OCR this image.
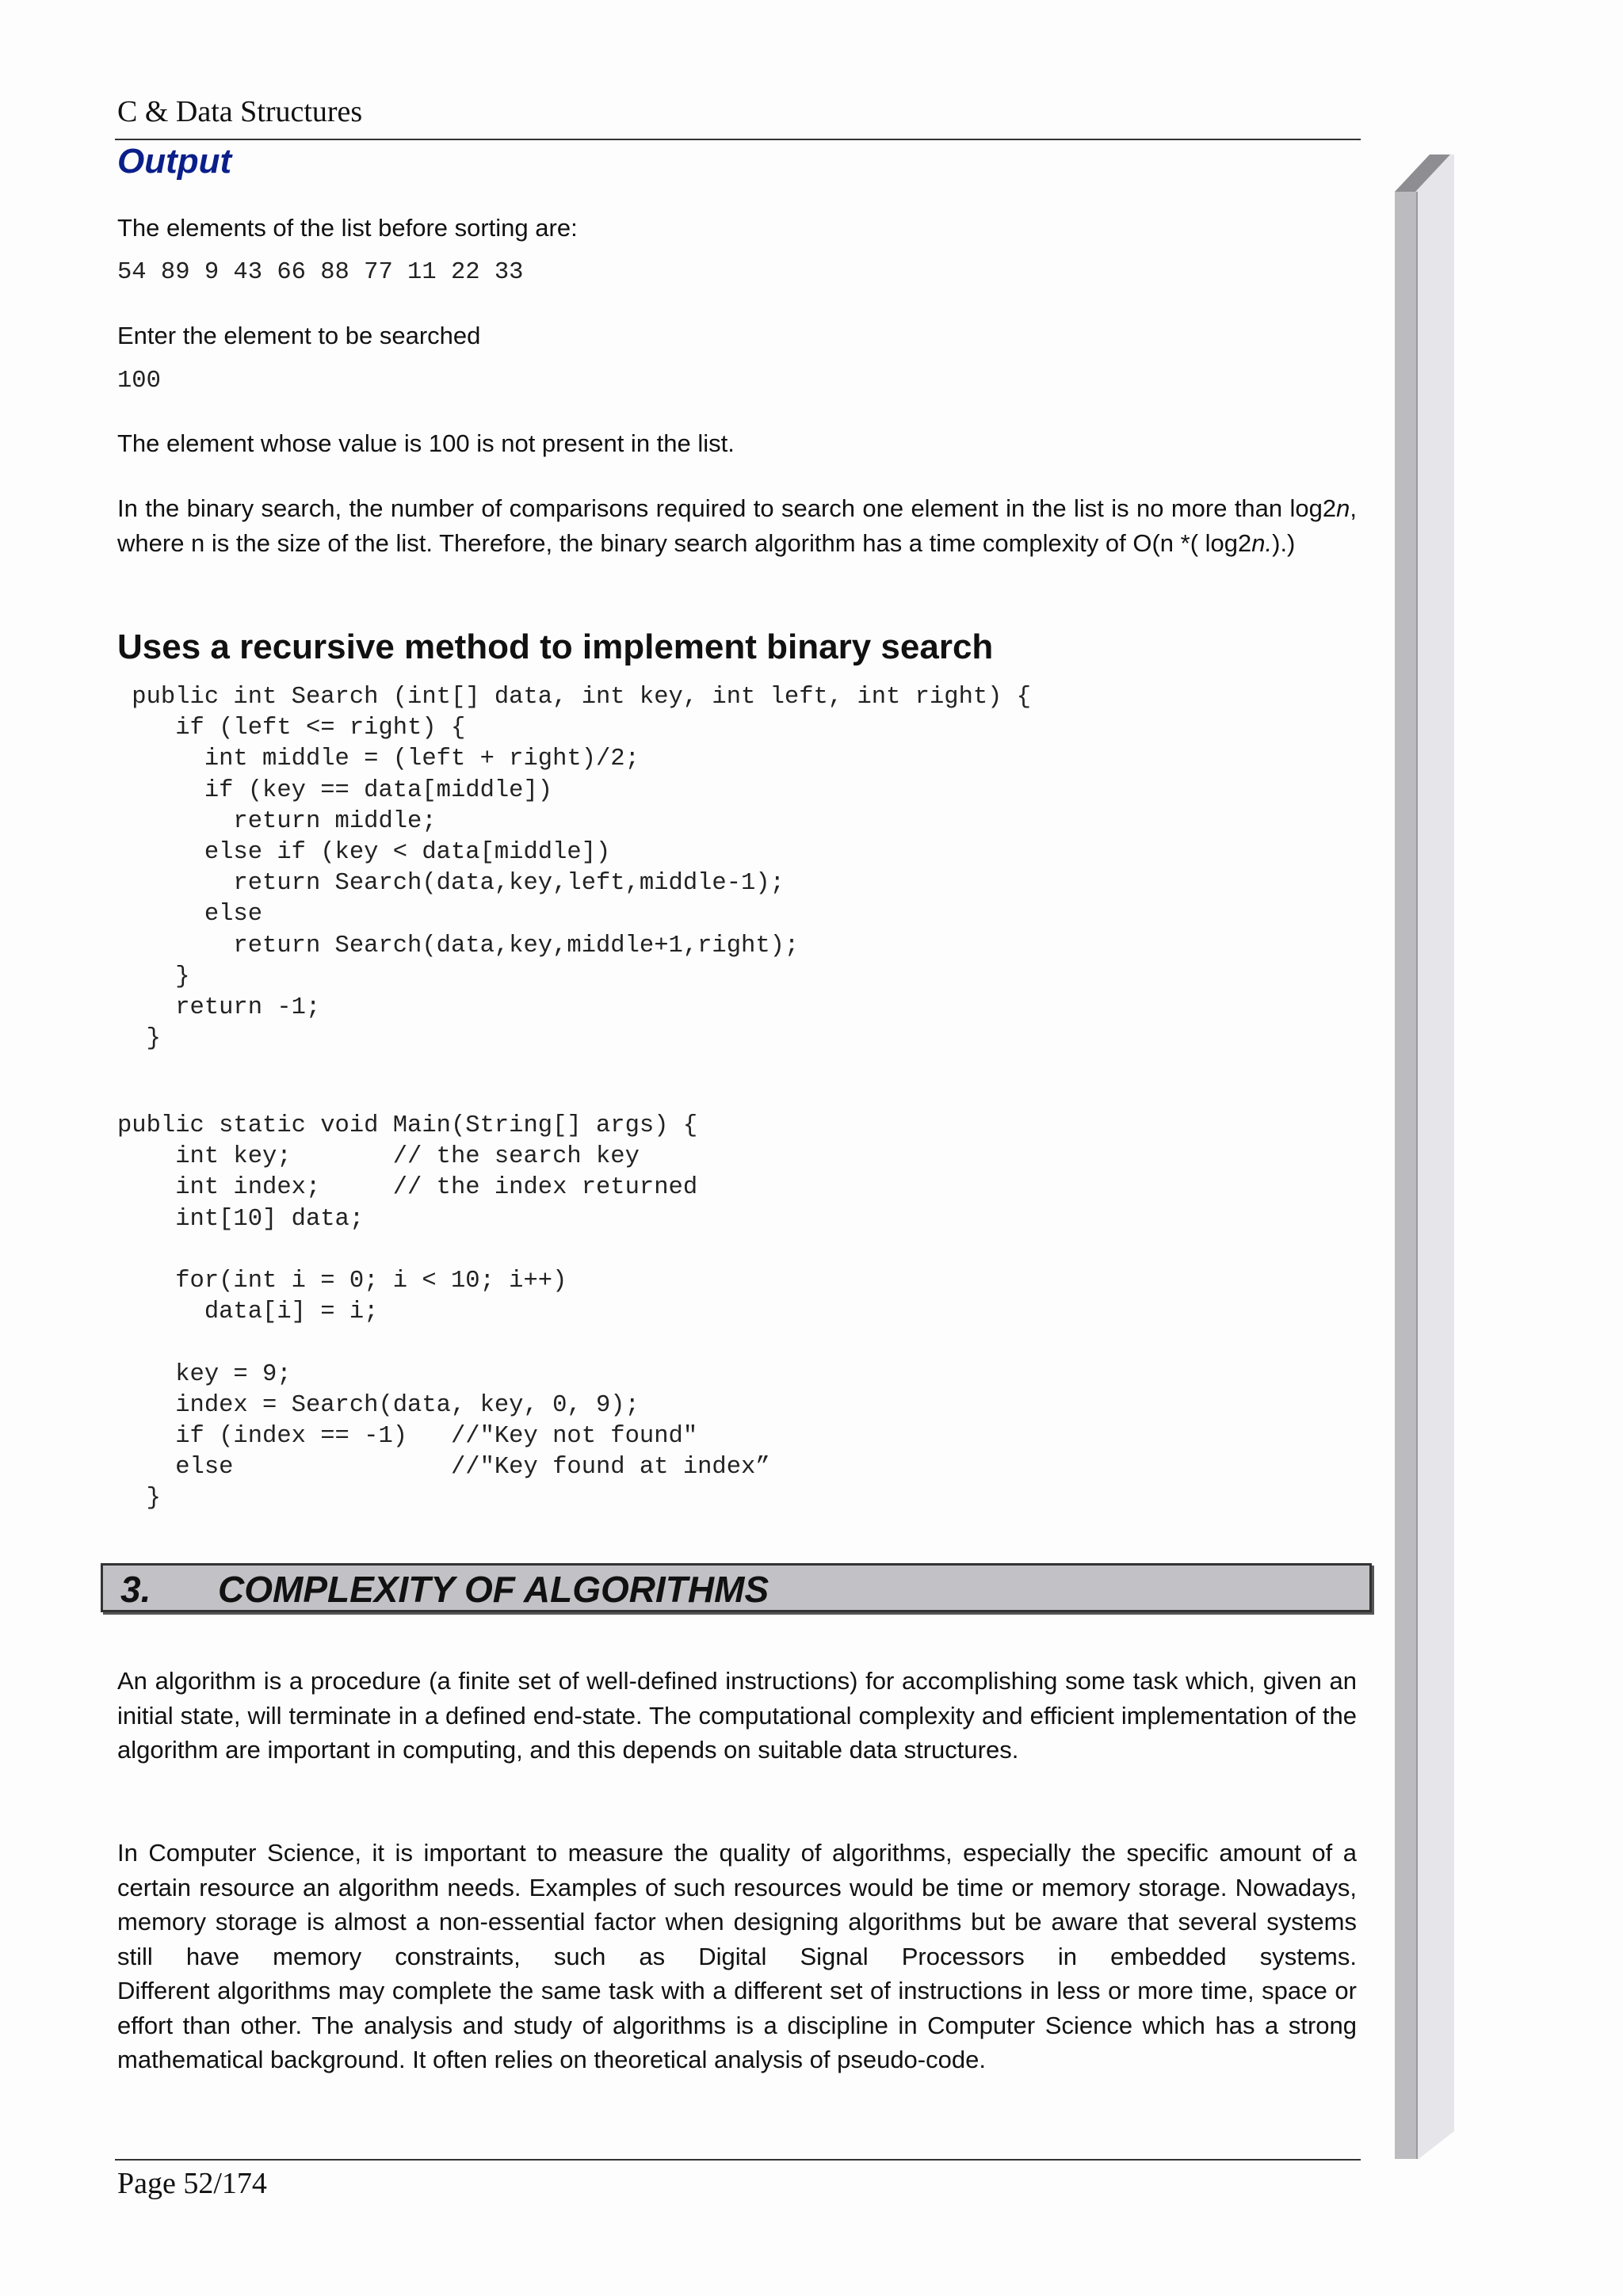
C & Data Structures
Output

The elements of the list before sorting are:

54 89 9 43 66 88 77 11 22 33

Enter the element to be searched

100

The element whose value is 100 is not present in the list.

In the binary search, the number of comparisons required to search one element in the list is no more than log2n, where n is the size of the list. Therefore, the binary search algorithm has a time complexity of O(n *( log2n.).)

Uses a recursive method to implement binary search
public int Search (int[] data, int key, int left, int right) {
if (left <= right) {
int middle = (left + right)/2;
if (key == data[middle])
return middle;
else if (key < data[middle])
return Search(data,key,left,middle-1);
else
return Search(data,key,middle+1,right);
}
return -1;
}
public static void Main(String[] args) {
int key;       // the search key
int index;     // the index returned
int[10] data;

for(int i = 0; i < 10; i++)
data[i] = i;

key = 9;
index = Search(data, key, 0, 9);
if (index == -1)   //"Key not found"
else               //"Key found at index”
}
3. COMPLEXITY OF ALGORITHMS

An algorithm is a procedure (a finite set of well-defined instructions) for accomplishing some task which, given an initial state, will terminate in a defined end-state. The computational complexity and efficient implementation of the algorithm are important in computing, and this depends on suitable data structures.

In Computer Science, it is important to measure the quality of algorithms, especially the specific amount of a certain resource an algorithm needs. Examples of such resources would be time or memory storage. Nowadays, memory storage is almost a non-essential factor when designing algorithms but be aware that several systems still have memory constraints, such as Digital Signal Processors in embedded systems.

Different algorithms may complete the same task with a different set of instructions in less or more time, space or effort than other. The analysis and study of algorithms is a discipline in Computer Science which has a strong mathematical background. It often relies on theoretical analysis of pseudo-code.

Page 52/174
